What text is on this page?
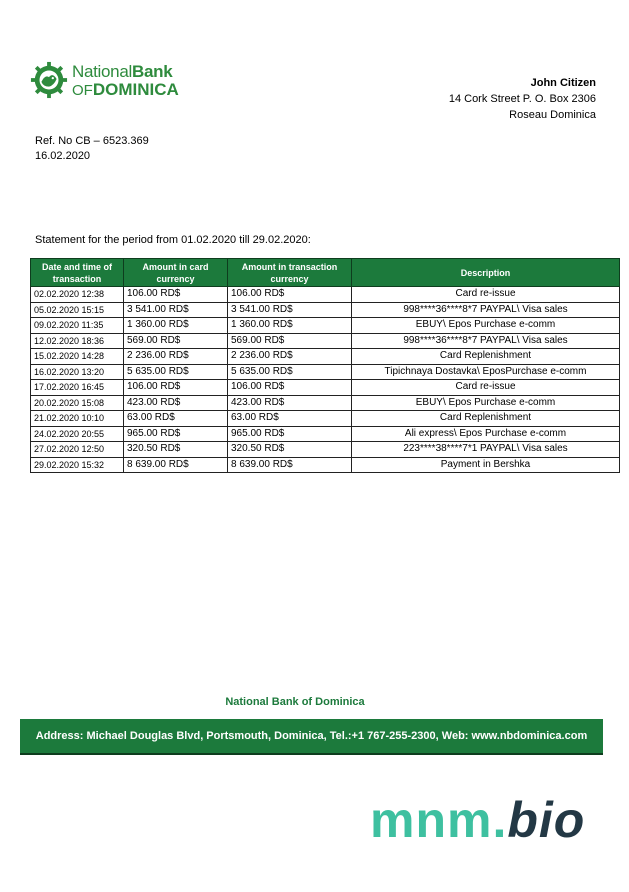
NationalBank
OFDOMINICA	John Citizen
14 Cork Street P. O. Box 2306
Roseau Dominica
Ref. No CB – 6523.369
16.02.2020
Statement for the period from 01.02.2020 till 29.02.2020:
Date and time of transaction	Amount in card currency	Amount in transaction currency	Description
02.02.2020 12:38	106.00 RD$	106.00 RD$	Card re-issue
05.02.2020 15:15	3 541.00 RD$	3 541.00 RD$	998****36****8*7 PAYPAL\ Visa sales
09.02.2020 11:35	1 360.00 RD$	1 360.00 RD$	EBUY\ Epos Purchase e-comm
12.02.2020 18:36	569.00 RD$	569.00 RD$	998****36****8*7 PAYPAL\ Visa sales
15.02.2020 14:28	2 236.00 RD$	2 236.00 RD$	Card Replenishment
16.02.2020 13:20	5 635.00 RD$	5 635.00 RD$	Tipichnaya Dostavka\ EposPurchase e-comm
17.02.2020 16:45	106.00 RD$	106.00 RD$	Card re-issue
20.02.2020 15:08	423.00 RD$	423.00 RD$	EBUY\ Epos Purchase e-comm
21.02.2020 10:10	63.00 RD$	63.00 RD$	Card Replenishment
24.02.2020 20:55	965.00 RD$	965.00 RD$	Ali express\ Epos Purchase e-comm
27.02.2020 12:50	320.50 RD$	320.50 RD$	223****38****7*1 PAYPAL\ Visa sales
29.02.2020 15:32	8 639.00 RD$	8 639.00 RD$	Payment in Bershka
National Bank of Dominica
Address: Michael Douglas Blvd, Portsmouth, Dominica, Tel.:+1 767-255-2300, Web: www.nbdominica.com
mnm.bio
